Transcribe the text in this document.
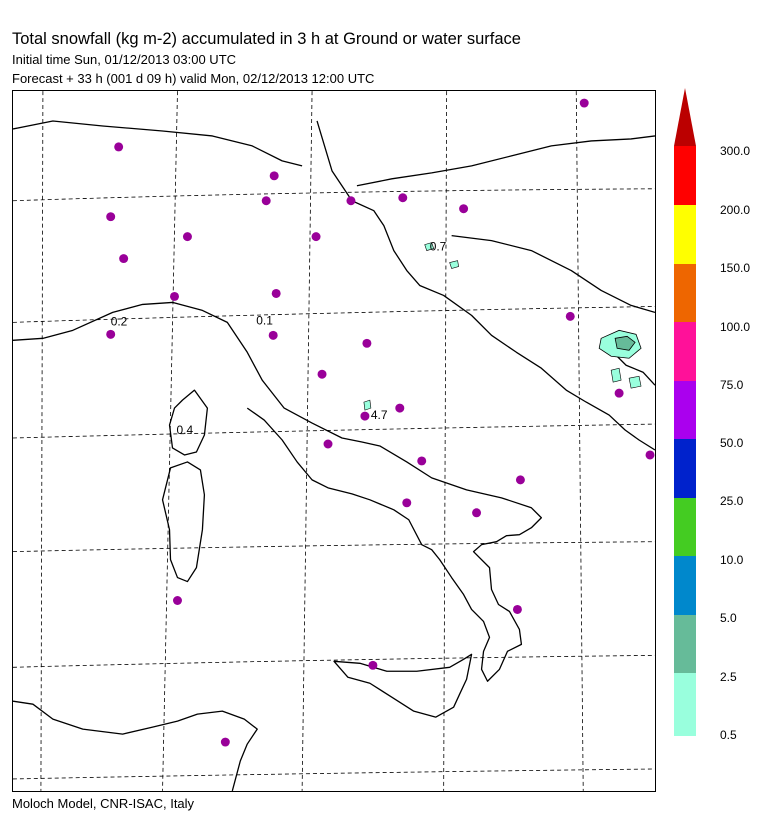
Total snowfall (kg m-2) accumulated in 3 h at Ground or water surface
Initial time Sun, 01/12/2013 03:00 UTC
Forecast + 33 h (001 d 09 h) valid Mon, 02/12/2013 12:00 UTC
0.2	0.1
0.4
0.7
4.7
300.0
200.0
150.0
100.0
75.0
50.0
25.0
10.0
5.0
2.5
0.5
Moloch Model, CNR-ISAC, Italy
